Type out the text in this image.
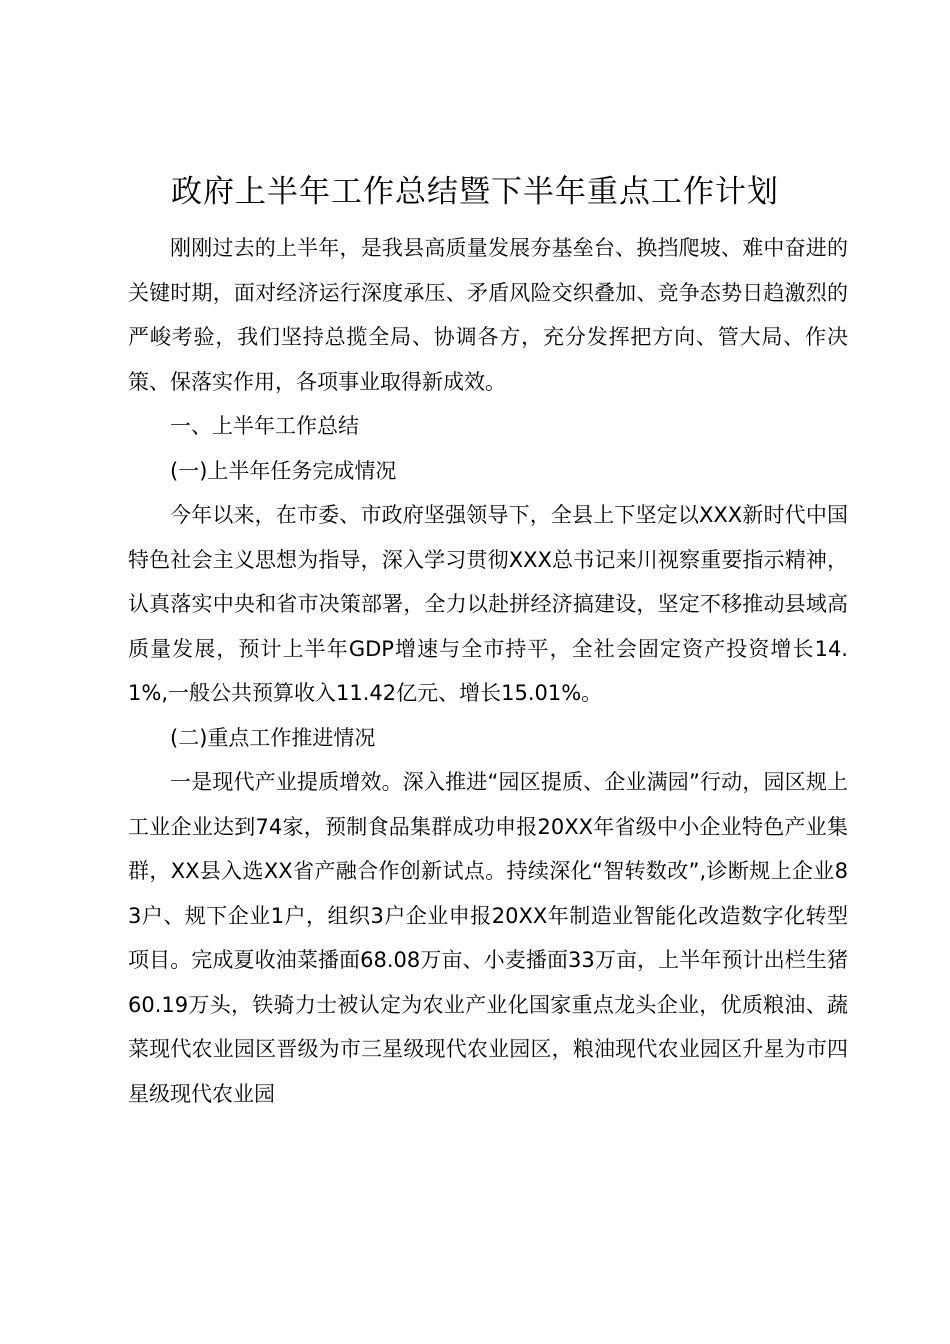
政府上半年工作总结暨下半年重点工作计划

刚刚过去的上半年，是我县高质量发展夯基垒台、换挡爬坡、难中奋进的关键时期，面对经济运行深度承压、矛盾风险交织叠加、竞争态势日趋激烈的严峻考验，我们坚持总揽全局、协调各方，充分发挥把方向、管大局、作决策、保落实作用，各项事业取得新成效。

一、上半年工作总结

(一)上半年任务完成情况

今年以来，在市委、市政府坚强领导下，全县上下坚定以XXX新时代中国特色社会主义思想为指导，深入学习贯彻XXX总书记来川视察重要指示精神，认真落实中央和省市决策部署，全力以赴拼经济搞建设，坚定不移推动县域高质量发展，预计上半年GDP增速与全市持平，全社会固定资产投资增长14.1%,一般公共预算收入11.42亿元、增长15.01%。

(二)重点工作推进情况

一是现代产业提质增效。深入推进“园区提质、企业满园”行动，园区规上工业企业达到74家，预制食品集群成功申报20XX年省级中小企业特色产业集群，XX县入选XX省产融合作创新试点。持续深化“智转数改”,诊断规上企业83户、规下企业1户，组织3户企业申报20XX年制造业智能化改造数字化转型项目。完成夏收油菜播面68.08万亩、小麦播面33万亩，上半年预计出栏生猪60.19万头，铁骑力士被认定为农业产业化国家重点龙头企业，优质粮油、蔬菜现代农业园区晋级为市三星级现代农业园区，粮油现代农业园区升星为市四星级现代农业园
